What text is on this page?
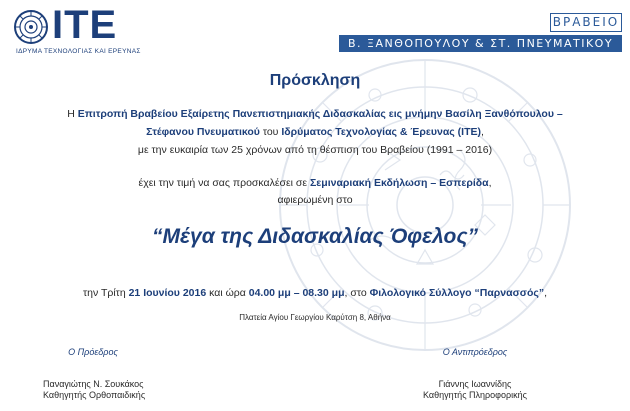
ITE
ΙΔΡΥΜΑ ΤΕΧΝΟΛΟΓΙΑΣ ΚΑΙ ΕΡΕΥΝΑΣ
ΒΡΑΒΕΙΟ
Β. ΞΑΝΘΟΠΟΥΛΟΥ & ΣΤ. ΠΝΕΥΜΑΤΙΚΟΥ
Πρόσκληση
Η Επιτροπή Βραβείου Εξαίρετης Πανεπιστημιακής Διδασκαλίας εις μνήμην Βασίλη Ξανθόπουλου –
Στέφανου Πνευματικού του Ιδρύματος Τεχνολογίας & Έρευνας (ΙΤΕ),
με την ευκαιρία των 25 χρόνων από τη θέσπιση του Βραβείου (1991 – 2016)
έχει την τιμή να σας προσκαλέσει σε Σεμιναριακή Εκδήλωση – Εσπερίδα,
αφιερωμένη στο
“Μέγα της Διδασκαλίας Όφελος”
την Τρίτη 21 Ιουνίου 2016 και ώρα 04.00 μμ – 08.30 μμ, στο Φιλολογικό Σύλλογο “Παρνασσός”,
Πλατεία Αγίου Γεωργίου Καρύτση 8, Αθήνα
Ο Πρόεδρος
Παναγιώτης Ν. Σουκάκος
Καθηγητής Ορθοπαιδικής
Ο Αντιπρόεδρος
Γιάννης Ιωαννίδης
Καθηγητής Πληροφορικής
